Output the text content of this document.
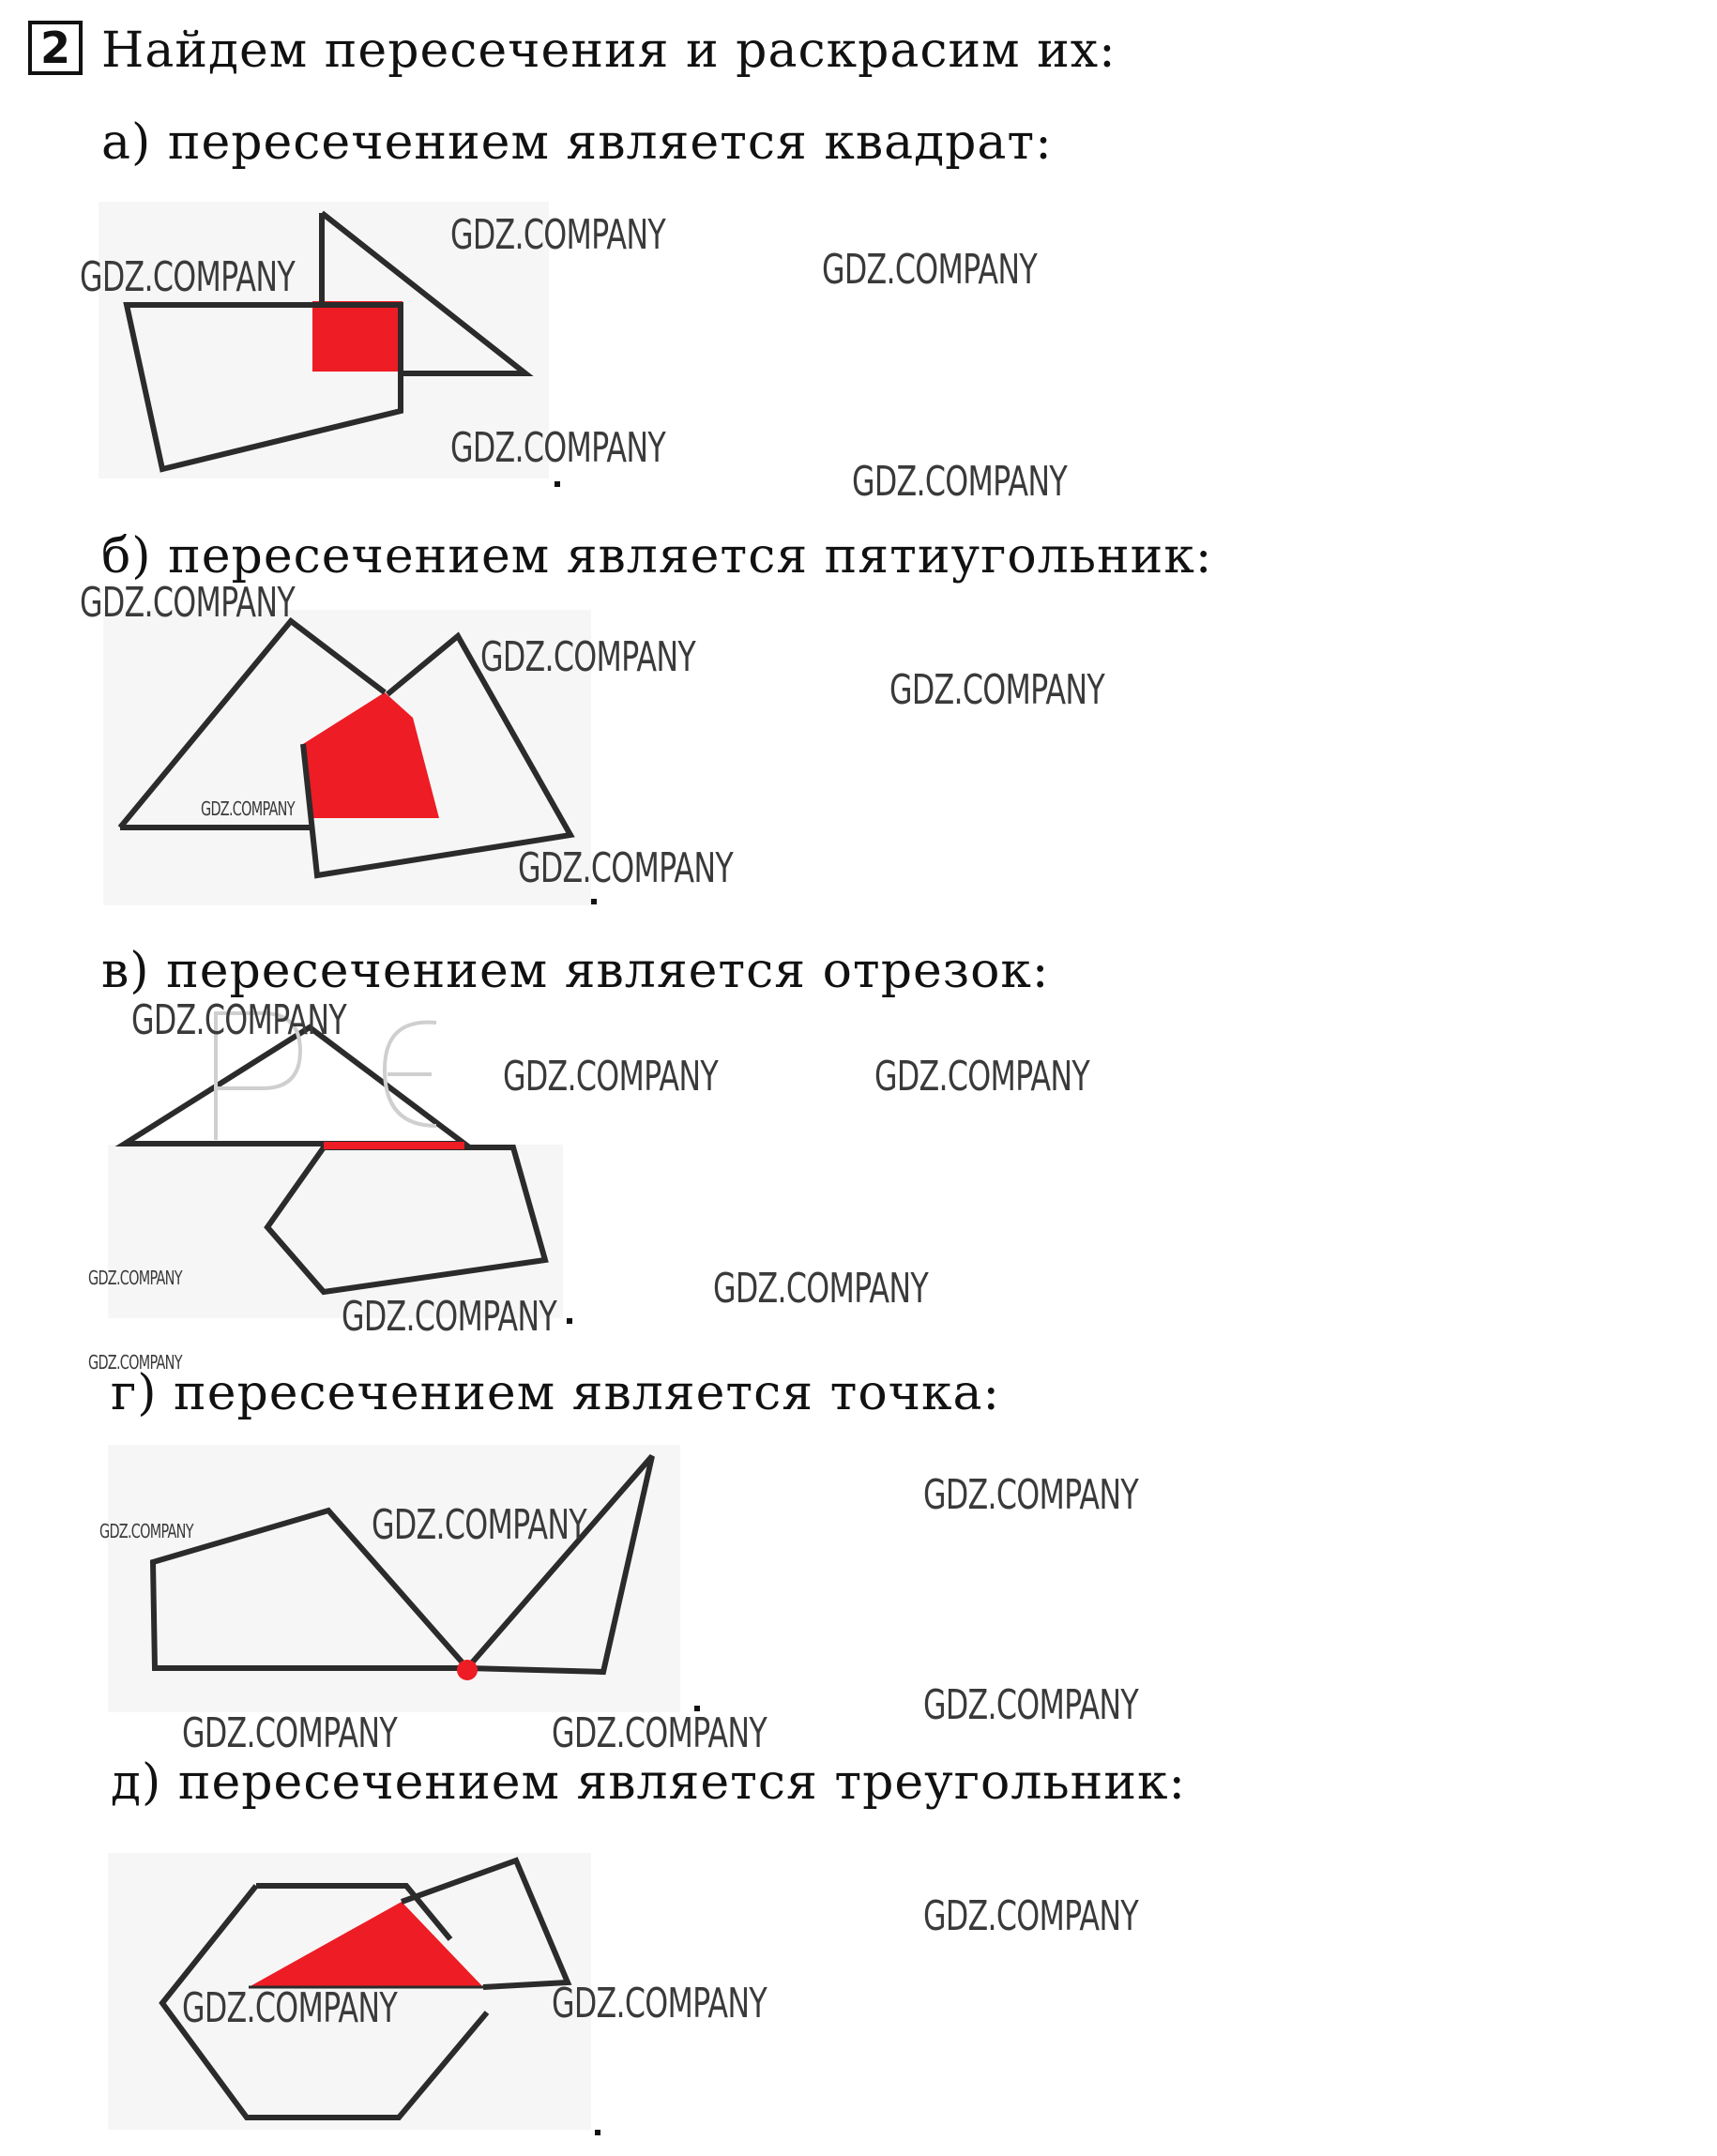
2 Найдем пересечения и раскрасим их:
а) пересечением является квадрат:
б) пересечением является пятиугольник:
в) пересечением является отрезок:
г) пересечением является точка:
д) пересечением является треугольник:
GDZ.COMPANY
GDZ.COMPANY
GDZ.COMPANY
GDZ.COMPANY
GDZ.COMPANY
GDZ.COMPANY
GDZ.COMPANY
GDZ.COMPANY
GDZ.COMPANY
GDZ.COMPANY
GDZ.COMPANY
GDZ.COMPANY	GDZ.COMPANY
GDZ.COMPANY
GDZ.COMPANY
GDZ.COMPANY
GDZ.COMPANY
GDZ.COMPANY
GDZ.COMPANY	GDZ.COMPANY
GDZ.COMPANY
GDZ.COMPANY	GDZ.COMPANY
GDZ.COMPANY
GDZ.COMPANY	GDZ.COMPANY
